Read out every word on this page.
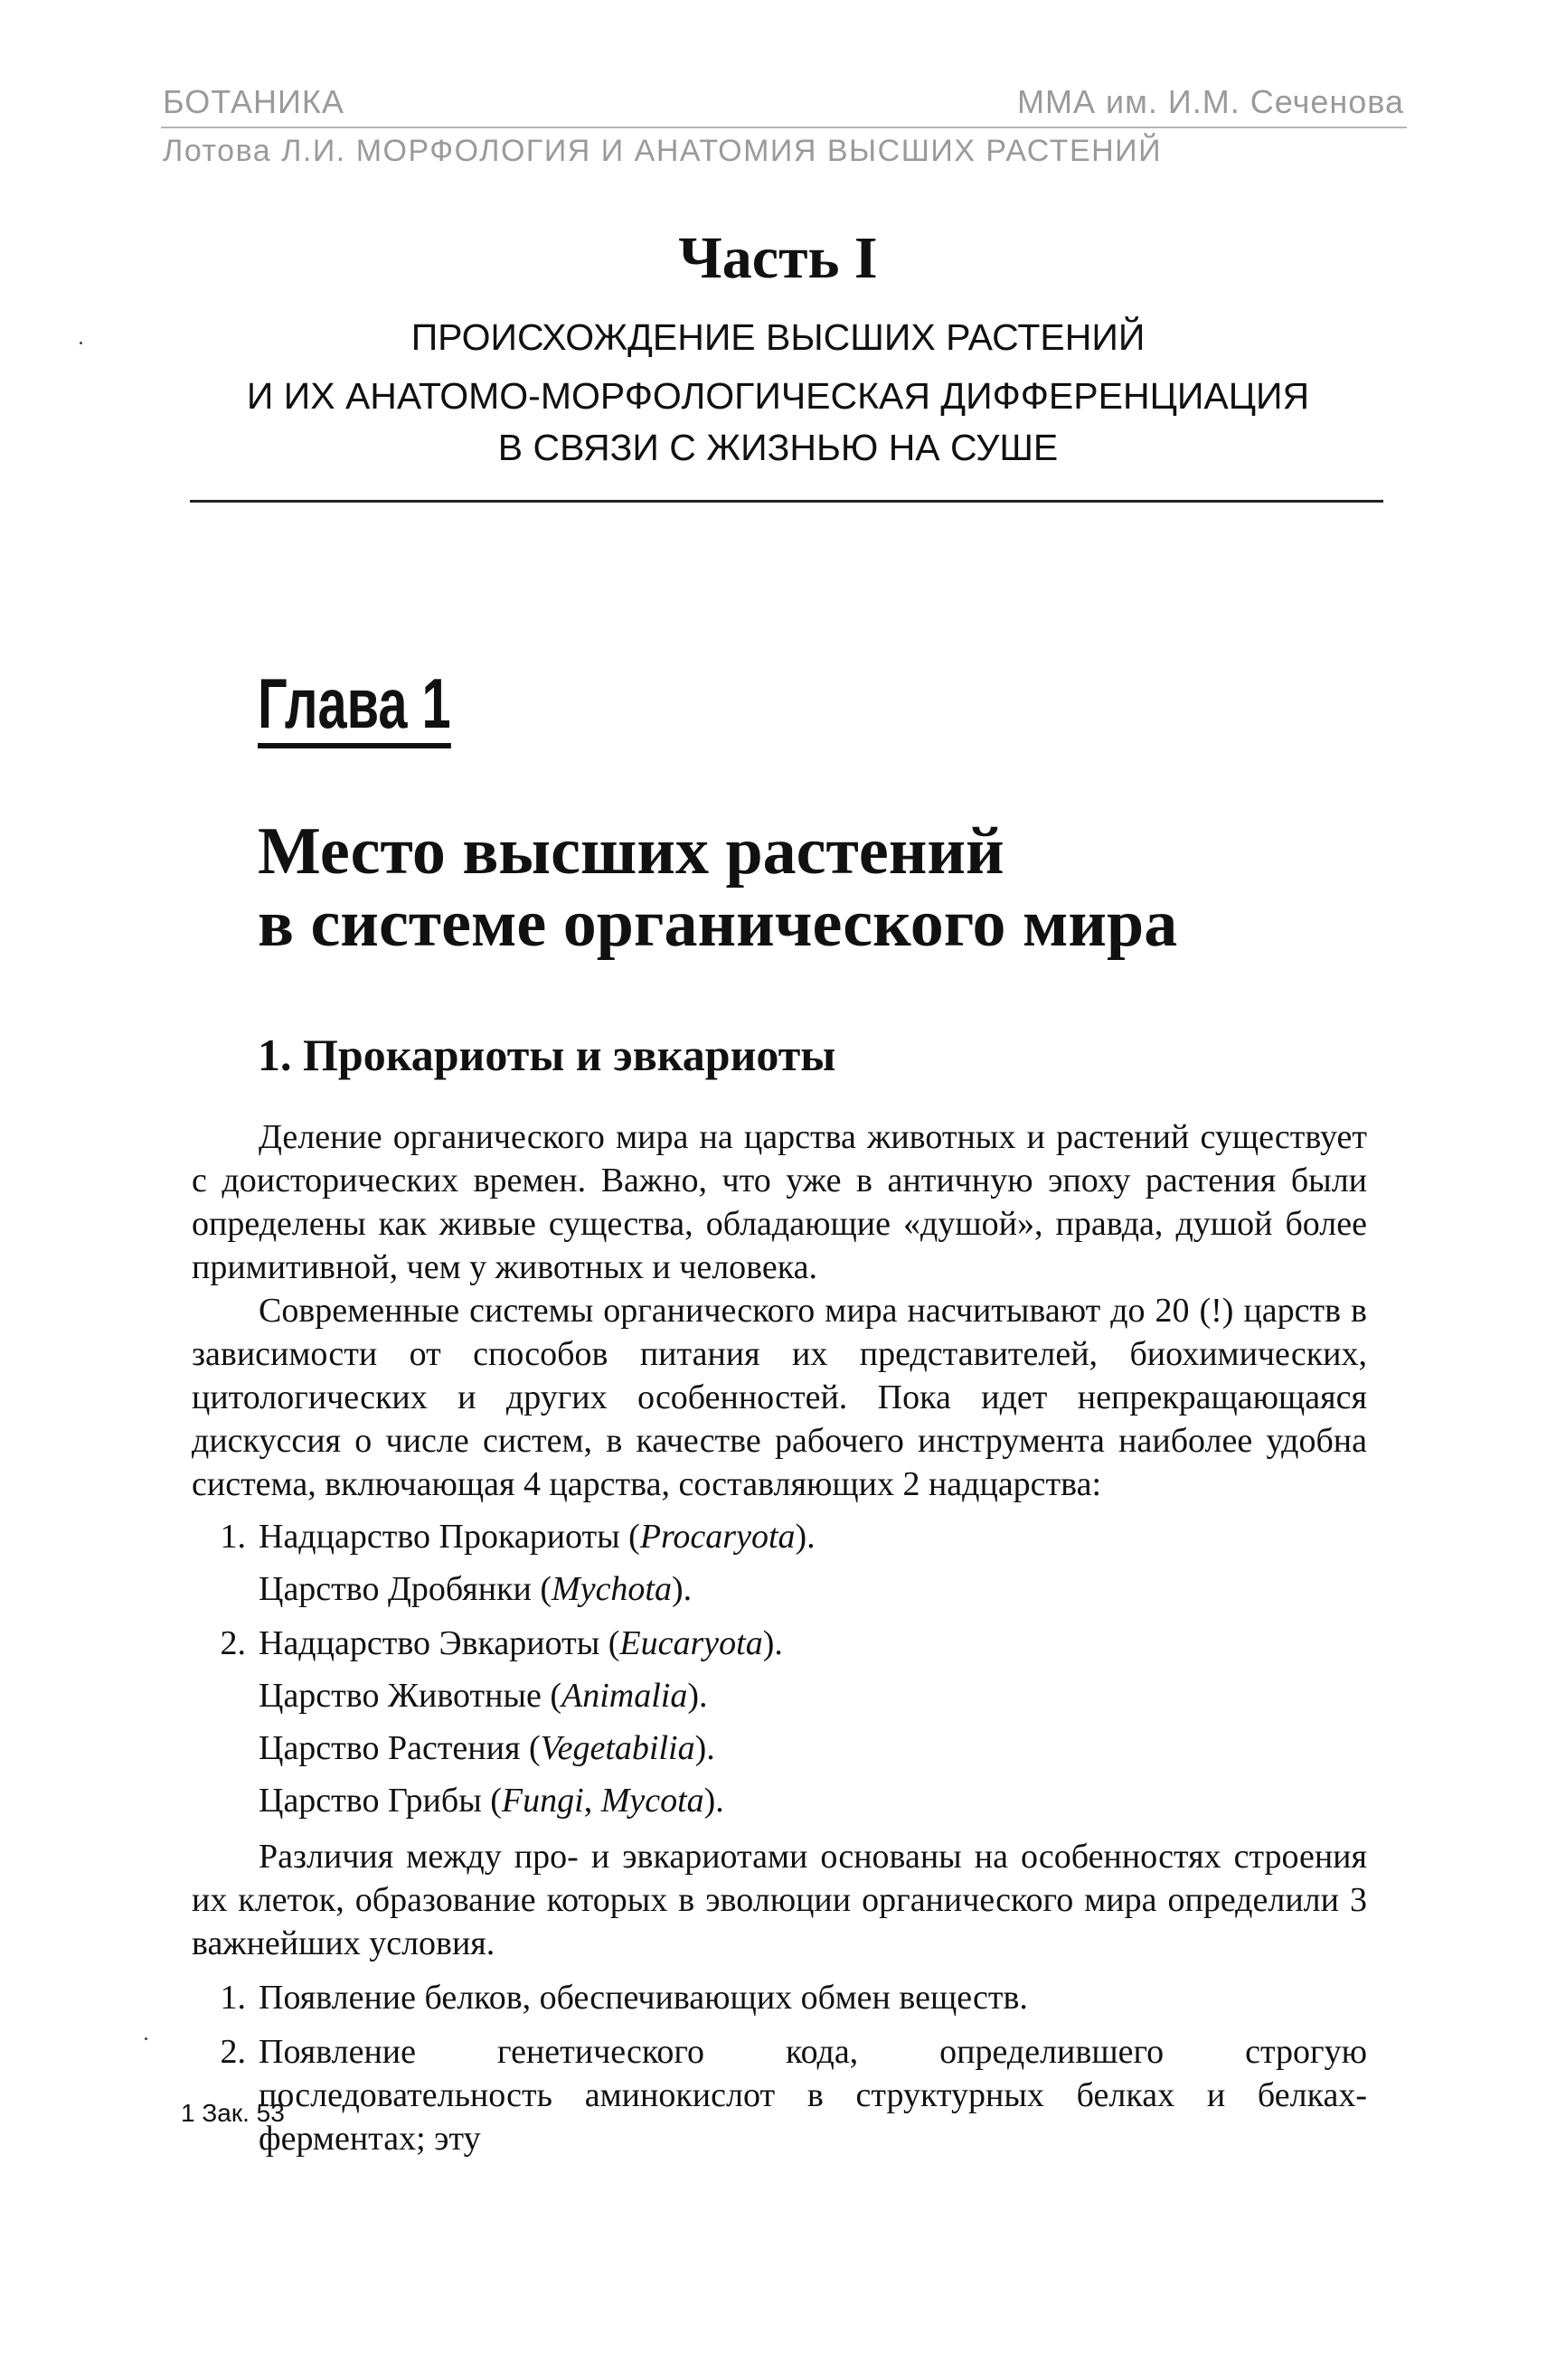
БОТАНИКА	ММА им. И.М. Сеченова
Лотова Л.И. МОРФОЛОГИЯ И АНАТОМИЯ ВЫСШИХ РАСТЕНИЙ
Часть I
ПРОИСХОЖДЕНИЕ ВЫСШИХ РАСТЕНИЙ
И ИХ АНАТОМО-МОРФОЛОГИЧЕСКАЯ ДИФФЕРЕНЦИАЦИЯ
В СВЯЗИ С ЖИЗНЬЮ НА СУШЕ
Глава 1
Место высших растений
в системе органического мира
1. Прокариоты и эвкариоты

Деление органического мира на царства животных и растений существует с доисторических времен. Важно, что уже в античную эпоху растения были определены как живые существа, обладающие «душой», правда, душой более примитивной, чем у животных и человека.

Современные системы органического мира насчитывают до 20 (!) царств в зависимости от способов питания их представителей, биохимических, цитологических и других особенностей. Пока идет непрекращающаяся дискуссия о числе систем, в качестве рабочего инструмента наиболее удобна система, включающая 4 царства, составляющих 2 надцарства:

1. Надцарство Прокариоты (Procaryota).
Царство Дробянки (Mychota).
2. Надцарство Эвкариоты (Eucaryota).
Царство Животные (Animalia).
Царство Растения (Vegetabilia).
Царство Грибы (Fungi, Mycota).

Различия между про- и эвкариотами основаны на особенностях строения их клеток, образование которых в эволюции органического мира определили 3 важнейших условия.

1. Появление белков, обеспечивающих обмен веществ.
2. Появление генетического кода, определившего строгую последовательность аминокислот в структурных белках и белках-ферментах; эту
1 Зак. 53
